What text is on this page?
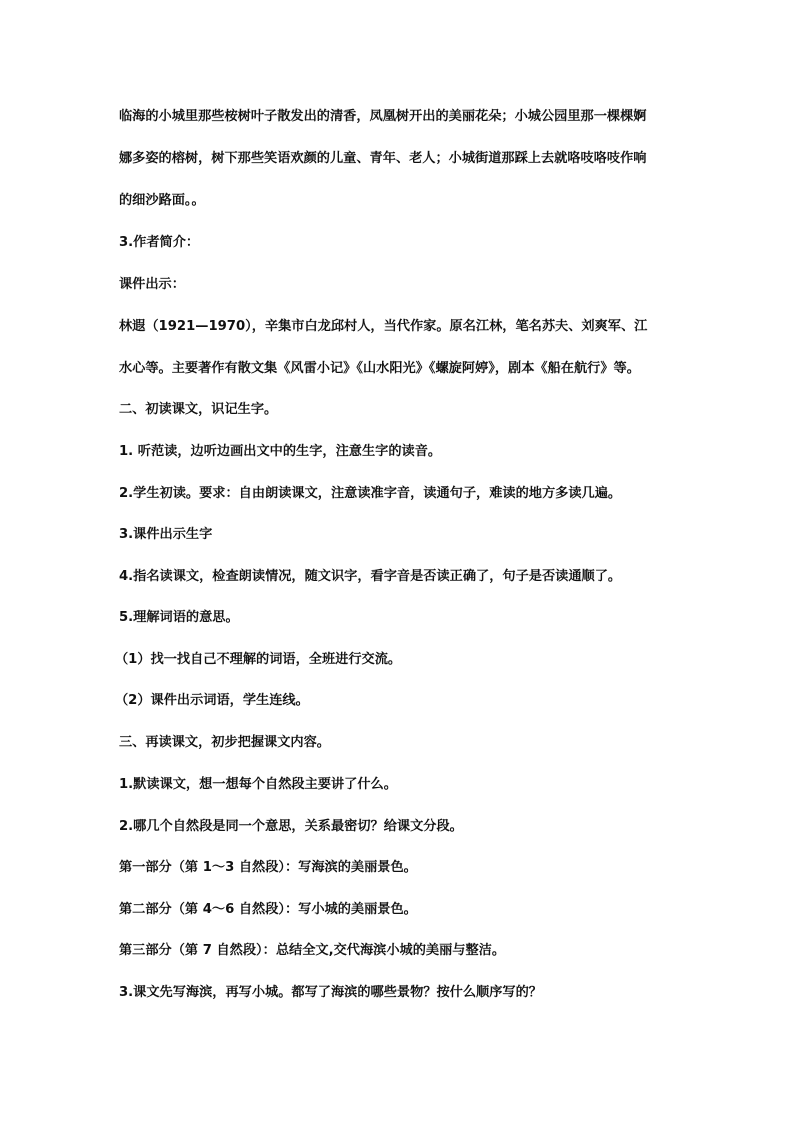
临海的小城里那些桉树叶子散发出的清香，凤凰树开出的美丽花朵；小城公园里那一棵棵婀
娜多姿的榕树，树下那些笑语欢颜的儿童、青年、老人；小城街道那踩上去就咯吱咯吱作响
的细沙路面。。
3.作者简介：
课件出示：
林遐（1921—1970），辛集市白龙邱村人，当代作家。原名江林，笔名苏夫、刘爽军、江
水心等。主要著作有散文集《风雷小记》《山水阳光》《螺旋阿婷》，剧本《船在航行》等。
二、初读课文，识记生字。
1. 听范读，边听边画出文中的生字，注意生字的读音。
2.学生初读。要求：自由朗读课文，注意读准字音，读通句子，难读的地方多读几遍。
3.课件出示生字
4.指名读课文，检查朗读情况，随文识字，看字音是否读正确了，句子是否读通顺了。
5.理解词语的意思。
（1）找一找自己不理解的词语，全班进行交流。
（2）课件出示词语，学生连线。
三、再读课文，初步把握课文内容。
1.默读课文，想一想每个自然段主要讲了什么。
2.哪几个自然段是同一个意思，关系最密切？给课文分段。
第一部分（第 1～3 自然段）：写海滨的美丽景色。
第二部分（第 4～6 自然段）：写小城的美丽景色。
第三部分（第 7 自然段）：总结全文,交代海滨小城的美丽与整洁。
3.课文先写海滨，再写小城。都写了海滨的哪些景物？按什么顺序写的？
